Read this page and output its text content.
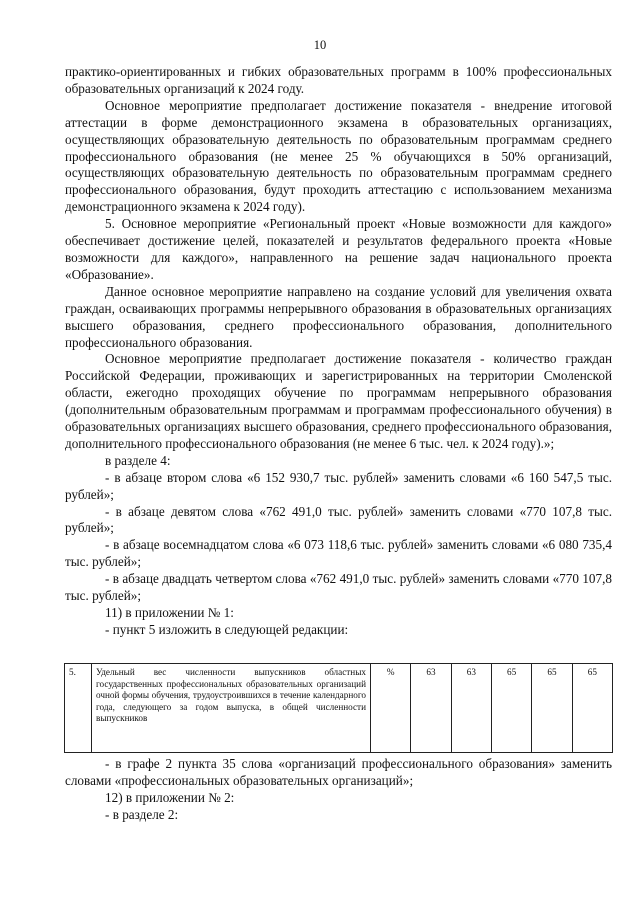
10

практико-ориентированных и гибких образовательных программ в 100% профессиональных образовательных организаций к 2024 году.

Основное мероприятие предполагает достижение показателя - внедрение итоговой аттестации в форме демонстрационного экзамена в образовательных организациях, осуществляющих образовательную деятельность по образовательным программам среднего профессионального образования (не менее 25 % обучающихся в 50% организаций, осуществляющих образовательную деятельность по образовательным программам среднего профессионального образования, будут проходить аттестацию с использованием механизма демонстрационного экзамена к 2024 году).

5. Основное мероприятие «Региональный проект «Новые возможности для каждого» обеспечивает достижение целей, показателей и результатов федерального проекта «Новые возможности для каждого», направленного на решение задач национального проекта «Образование».

Данное основное мероприятие направлено на создание условий для увеличения охвата граждан, осваивающих программы непрерывного образования в образовательных организациях высшего образования, среднего профессионального образования, дополнительного профессионального образования.

Основное мероприятие предполагает достижение показателя - количество граждан Российской Федерации, проживающих и зарегистрированных на территории Смоленской области, ежегодно проходящих обучение по программам непрерывного образования (дополнительным образовательным программам и программам профессионального обучения) в образовательных организациях высшего образования, среднего профессионального образования, дополнительного профессионального образования (не менее 6 тыс. чел. к 2024 году).»;

в разделе 4:

- в абзаце втором слова «6 152 930,7 тыс. рублей» заменить словами «6 160 547,5 тыс. рублей»;

- в абзаце девятом слова «762 491,0 тыс. рублей» заменить словами «770 107,8 тыс. рублей»;

- в абзаце восемнадцатом слова «6 073 118,6 тыс. рублей» заменить словами «6 080 735,4 тыс. рублей»;

- в абзаце двадцать четвертом слова «762 491,0 тыс. рублей» заменить словами «770 107,8 тыс. рублей»;

11) в приложении № 1:

- пункт 5 изложить в следующей редакции:

5.	Удельный вес численности выпускников областных государственных профессиональных образовательных организаций очной формы обучения, трудоустроившихся в течение календарного года, следующего за годом выпуска, в общей численности выпускников	%	63	63	65	65	65

- в графе 2 пункта 35 слова «организаций профессионального образования» заменить словами «профессиональных образовательных организаций»;

12) в приложении № 2:

- в разделе 2:
